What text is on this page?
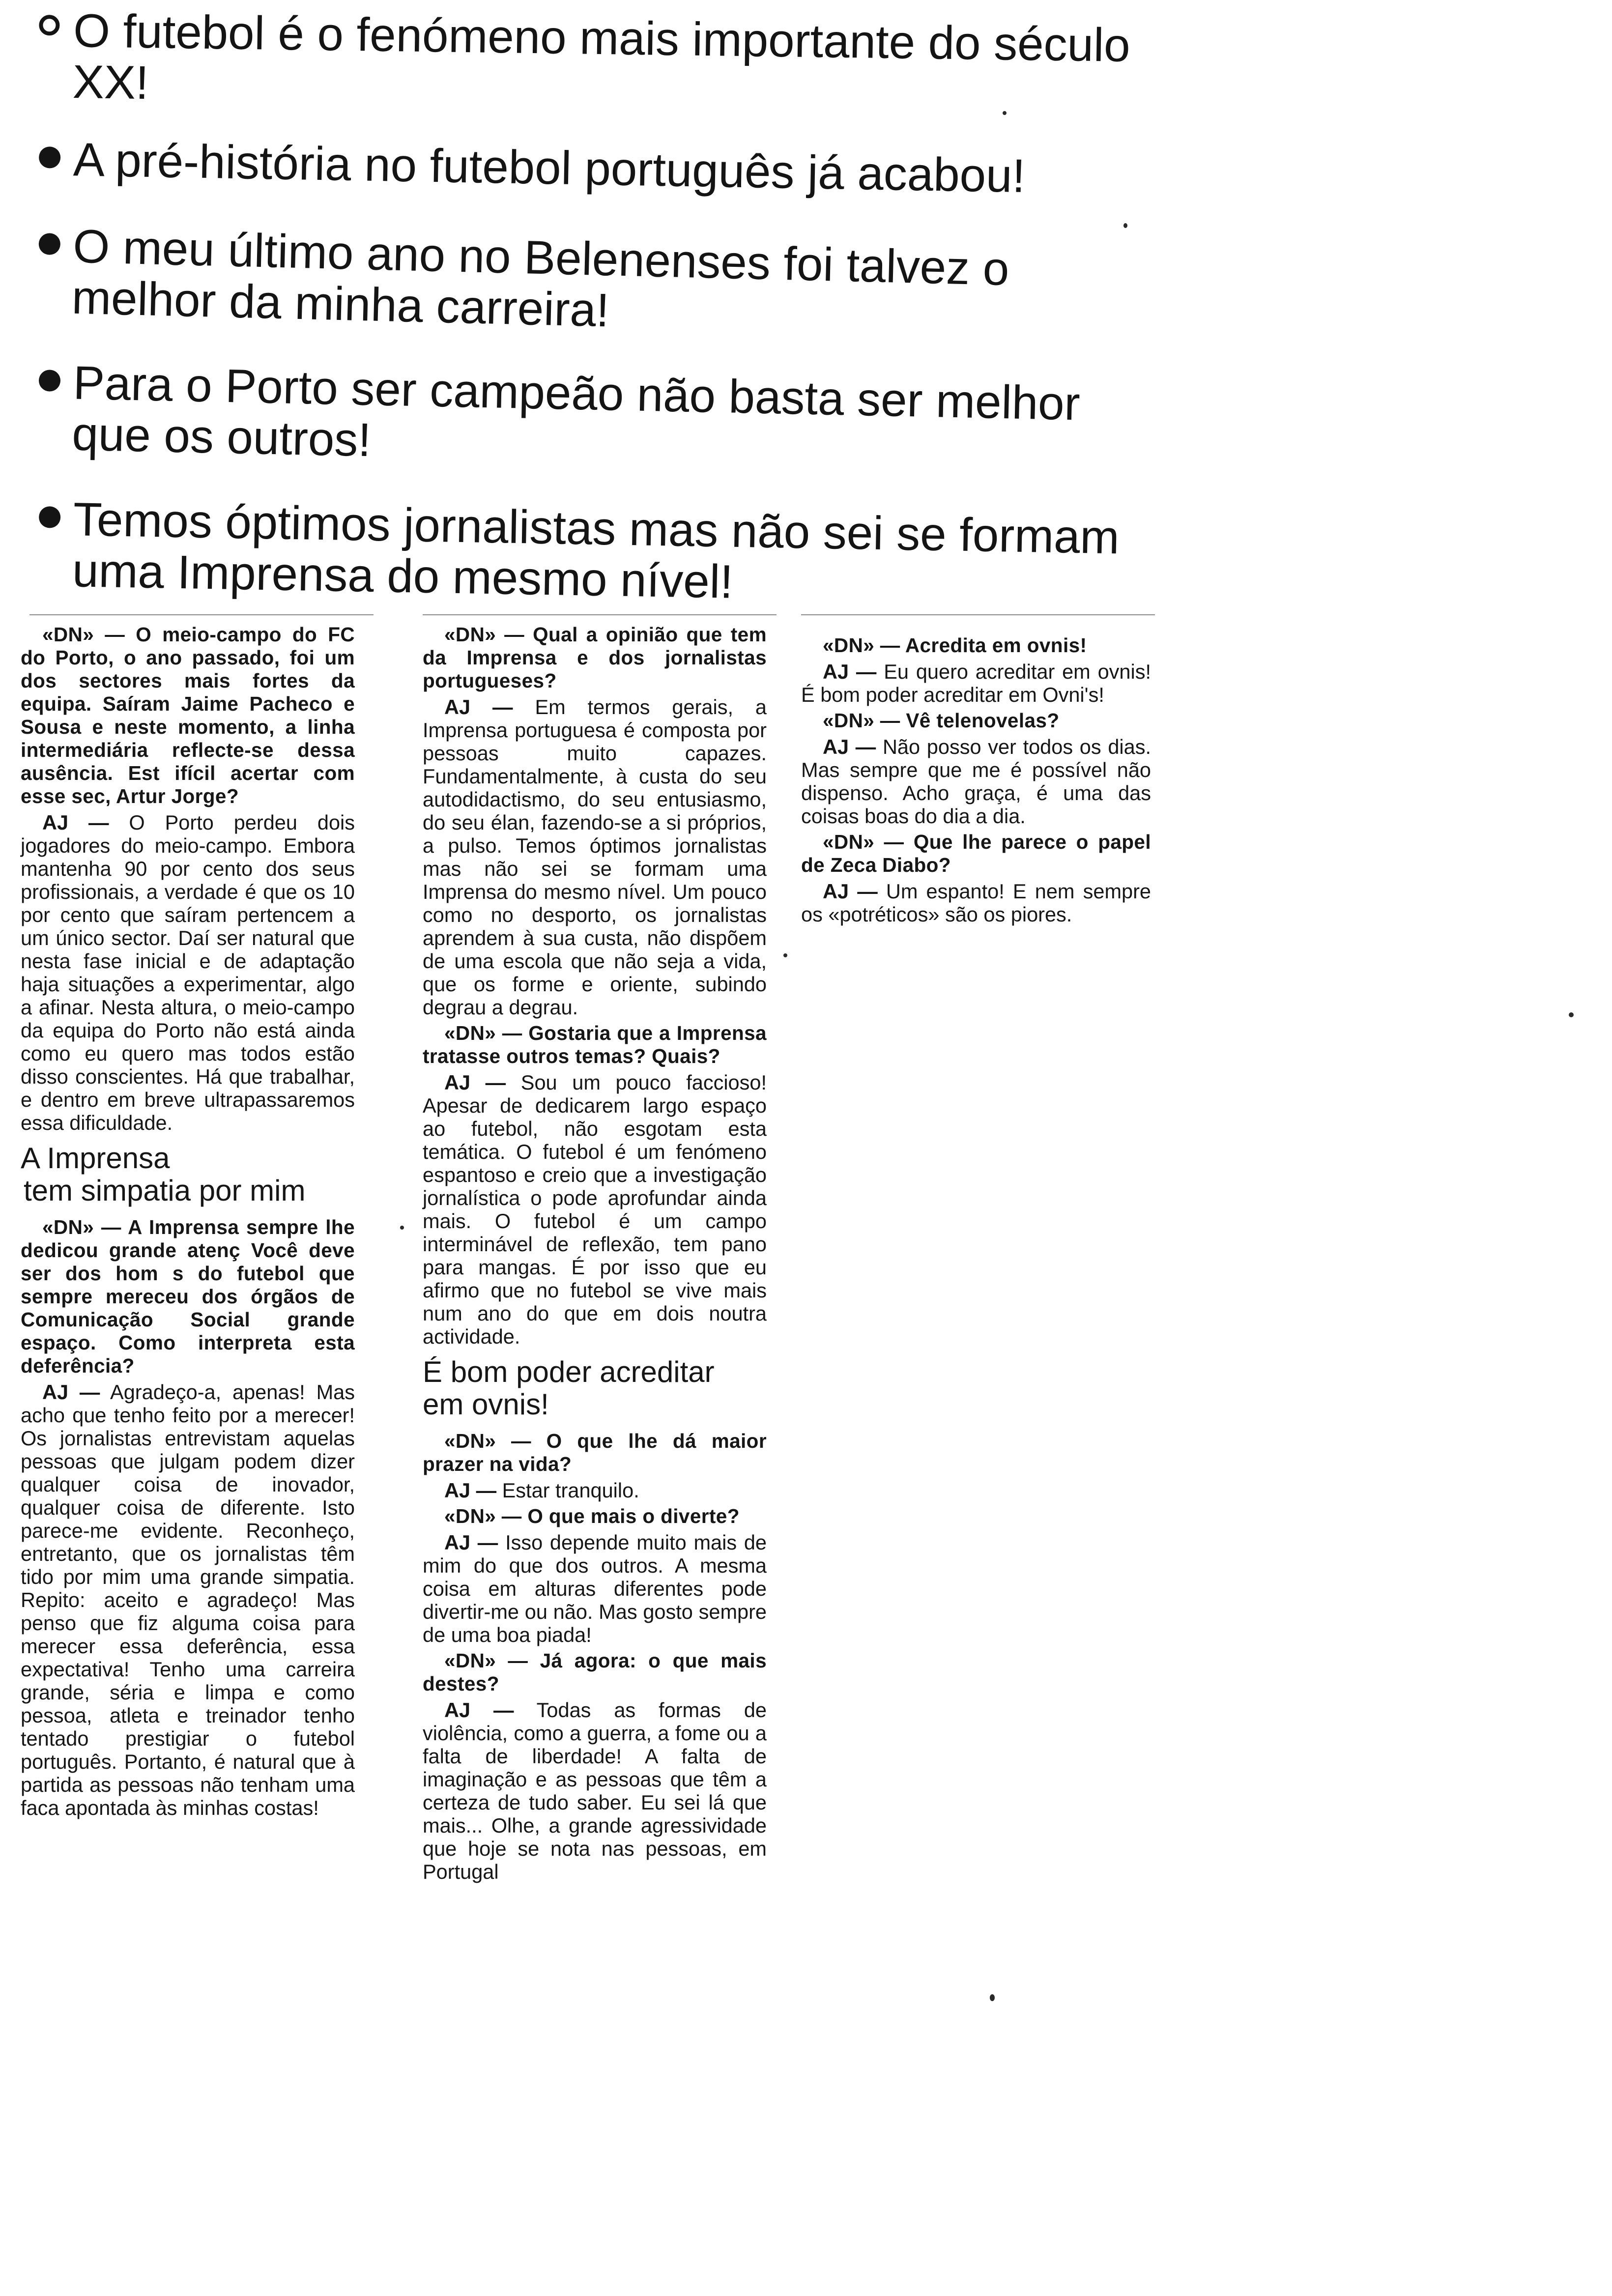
O futebol é o fenómeno mais importante do século XX!
A pré-história no futebol português já acabou!
O meu último ano no Belenenses foi talvez o melhor da minha carreira!
Para o Porto ser campeão não basta ser melhor que os outros!
Temos óptimos jornalistas mas não sei se formam uma Imprensa do mesmo nível!

«DN» — O meio-campo do FC do Porto, o ano passado, foi um dos sectores mais fortes da equipa. Saíram Jaime Pacheco e Sousa e neste momento, a linha intermediária reflecte-se dessa ausência. Est ifícil acertar com esse sec, Artur Jorge?

AJ — O Porto perdeu dois jogadores do meio-campo. Embora mantenha 90 por cento dos seus profissionais, a verdade é que os 10 por cento que saíram pertencem a um único sector. Daí ser natural que nesta fase inicial e de adaptação haja situações a experimentar, algo a afinar. Nesta altura, o meio-campo da equipa do Porto não está ainda como eu quero mas todos estão disso conscientes. Há que trabalhar, e dentro em breve ultrapassaremos essa dificuldade.

A Imprensa
tem simpatia por mim

«DN» — A Imprensa sempre lhe dedicou grande atenç Você deve ser dos hom s do futebol que sempre mereceu dos órgãos de Comunicação Social grande espaço. Como interpreta esta deferência?

AJ — Agradeço-a, apenas! Mas acho que tenho feito por a merecer! Os jornalistas entrevistam aquelas pessoas que julgam podem dizer qualquer coisa de inovador, qualquer coisa de diferente. Isto parece-me evidente. Reconheço, entretanto, que os jornalistas têm tido por mim uma grande simpatia. Repito: aceito e agradeço! Mas penso que fiz alguma coisa para merecer essa deferência, essa expectativa! Tenho uma carreira grande, séria e limpa e como pessoa, atleta e treinador tenho tentado prestigiar o futebol português. Portanto, é natural que à partida as pessoas não tenham uma faca apontada às minhas costas!

«DN» — Qual a opinião que tem da Imprensa e dos jornalistas portugueses?

AJ — Em termos gerais, a Imprensa portuguesa é composta por pessoas muito capazes. Fundamentalmente, à custa do seu autodidactismo, do seu entusiasmo, do seu élan, fazendo-se a si próprios, a pulso. Temos óptimos jornalistas mas não sei se formam uma Imprensa do mesmo nível. Um pouco como no desporto, os jornalistas aprendem à sua custa, não dispõem de uma escola que não seja a vida, que os forme e oriente, subindo degrau a degrau.

«DN» — Gostaria que a Imprensa tratasse outros temas? Quais?

AJ — Sou um pouco faccioso! Apesar de dedicarem largo espaço ao futebol, não esgotam esta temática. O futebol é um fenómeno espantoso e creio que a investigação jornalística o pode aprofundar ainda mais. O futebol é um campo interminável de reflexão, tem pano para mangas. É por isso que eu afirmo que no futebol se vive mais num ano do que em dois noutra actividade.

É bom poder acreditar
em ovnis!

«DN» — O que lhe dá maior prazer na vida?

AJ — Estar tranquilo.

«DN» — O que mais o diverte?

AJ — Isso depende muito mais de mim do que dos outros. A mesma coisa em alturas diferentes pode divertir-me ou não. Mas gosto sempre de uma boa piada!

«DN» — Já agora: o que mais destes?

AJ — Todas as formas de violência, como a guerra, a fome ou a falta de liberdade! A falta de imaginação e as pessoas que têm a certeza de tudo saber. Eu sei lá que mais... Olhe, a grande agressividade que hoje se nota nas pessoas, em Portugal

«DN» — Acredita em ovnis!

AJ — Eu quero acreditar em ovnis! É bom poder acreditar em Ovni's!

«DN» — Vê telenovelas?

AJ — Não posso ver todos os dias. Mas sempre que me é possível não dispenso. Acho graça, é uma das coisas boas do dia a dia.

«DN» — Que lhe parece o papel de Zeca Diabo?

AJ — Um espanto! E nem sempre os «potréticos» são os piores.
